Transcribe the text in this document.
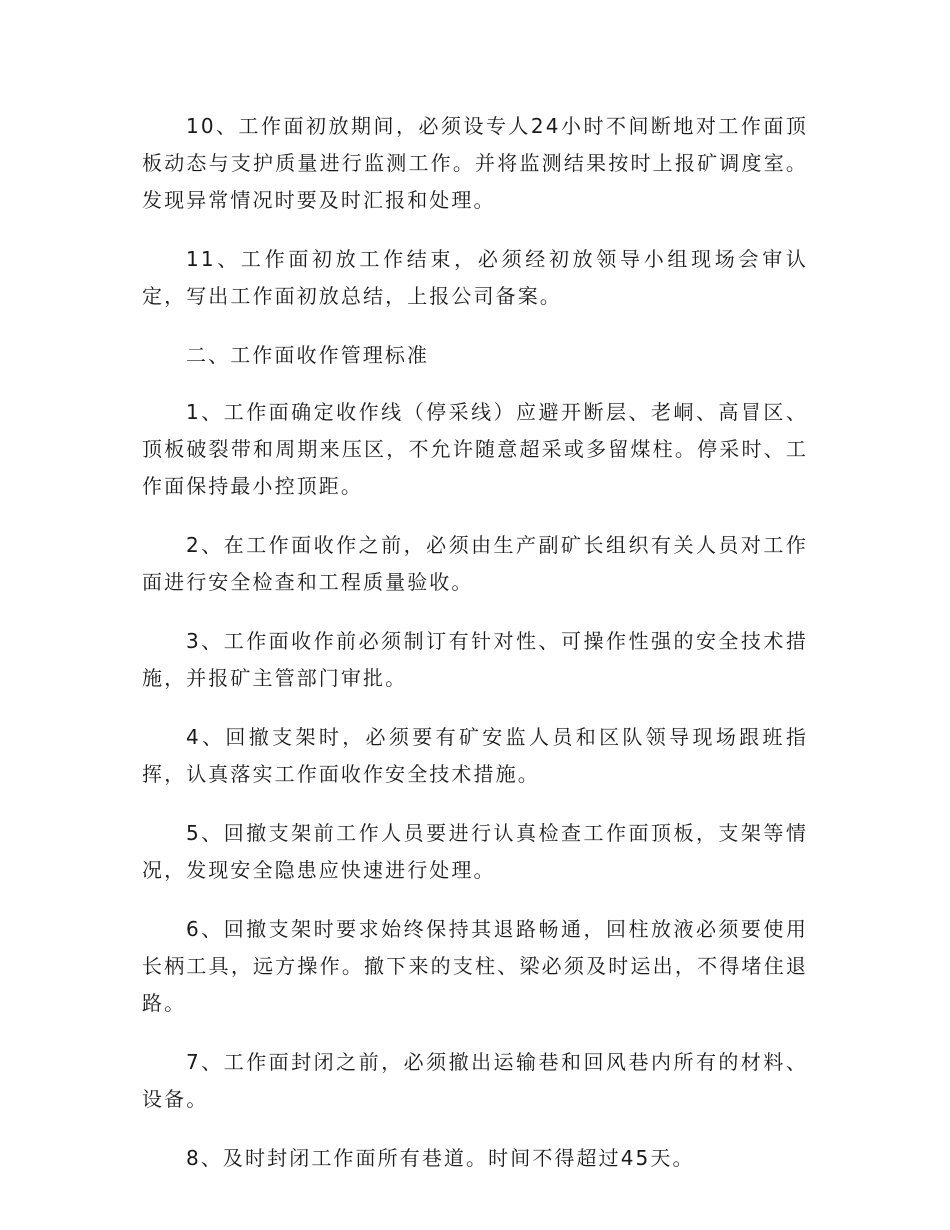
10、工作面初放期间，必须设专人24小时不间断地对工作面顶板动态与支护质量进行监测工作。并将监测结果按时上报矿调度室。发现异常情况时要及时汇报和处理。

11、工作面初放工作结束，必须经初放领导小组现场会审认定，写出工作面初放总结，上报公司备案。

二、工作面收作管理标准

1、工作面确定收作线（停采线）应避开断层、老峒、高冒区、顶板破裂带和周期来压区，不允许随意超采或多留煤柱。停采时、工作面保持最小控顶距。

2、在工作面收作之前，必须由生产副矿长组织有关人员对工作面进行安全检查和工程质量验收。

3、工作面收作前必须制订有针对性、可操作性强的安全技术措施，并报矿主管部门审批。

4、回撤支架时，必须要有矿安监人员和区队领导现场跟班指挥，认真落实工作面收作安全技术措施。

5、回撤支架前工作人员要进行认真检查工作面顶板，支架等情况，发现安全隐患应快速进行处理。

6、回撤支架时要求始终保持其退路畅通，回柱放液必须要使用长柄工具，远方操作。撤下来的支柱、梁必须及时运出，不得堵住退路。

7、工作面封闭之前，必须撤出运输巷和回风巷内所有的材料、设备。

8、及时封闭工作面所有巷道。时间不得超过45天。
